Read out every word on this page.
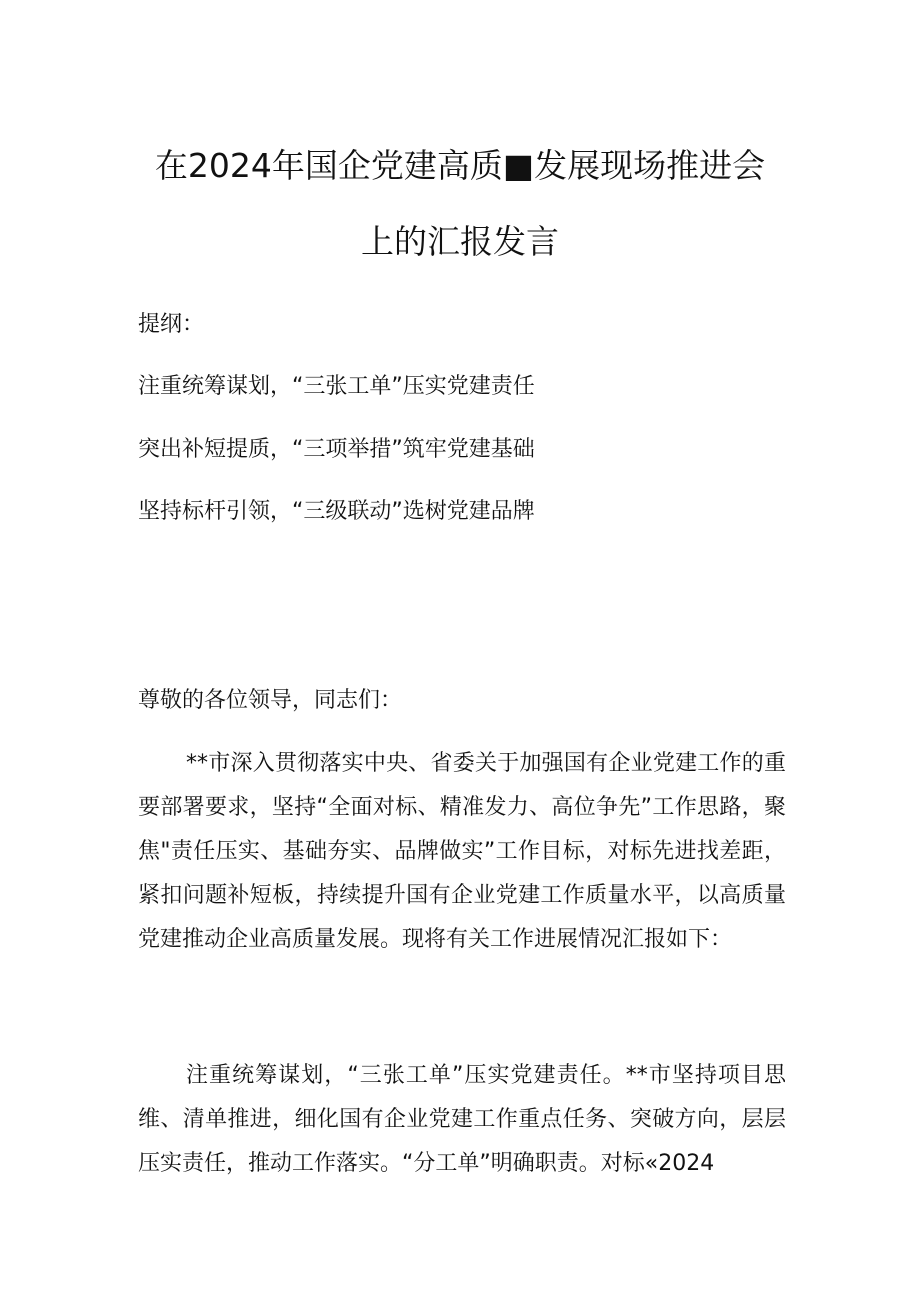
在2024年国企党建高质■发展现场推进会
上的汇报发言
提纲：
注重统筹谋划，“三张工单”压实党建责任
突出补短提质，“三项举措”筑牢党建基础
坚持标杆引领，“三级联动”选树党建品牌
尊敬的各位领导，同志们：
**市深入贯彻落实中央、省委关于加强国有企业党建工作的重要部署要求，坚持“全面对标、精准发力、高位争先”工作思路，聚焦"责任压实、基础夯实、品牌做实”工作目标，对标先进找差距，紧扣问题补短板，持续提升国有企业党建工作质量水平，以高质量党建推动企业高质量发展。现将有关工作进展情况汇报如下：
注重统筹谋划，“三张工单”压实党建责任。**市坚持项目思维、清单推进，细化国有企业党建工作重点任务、突破方向，层层压实责任，推动工作落实。“分工单”明确职责。对标«2024
